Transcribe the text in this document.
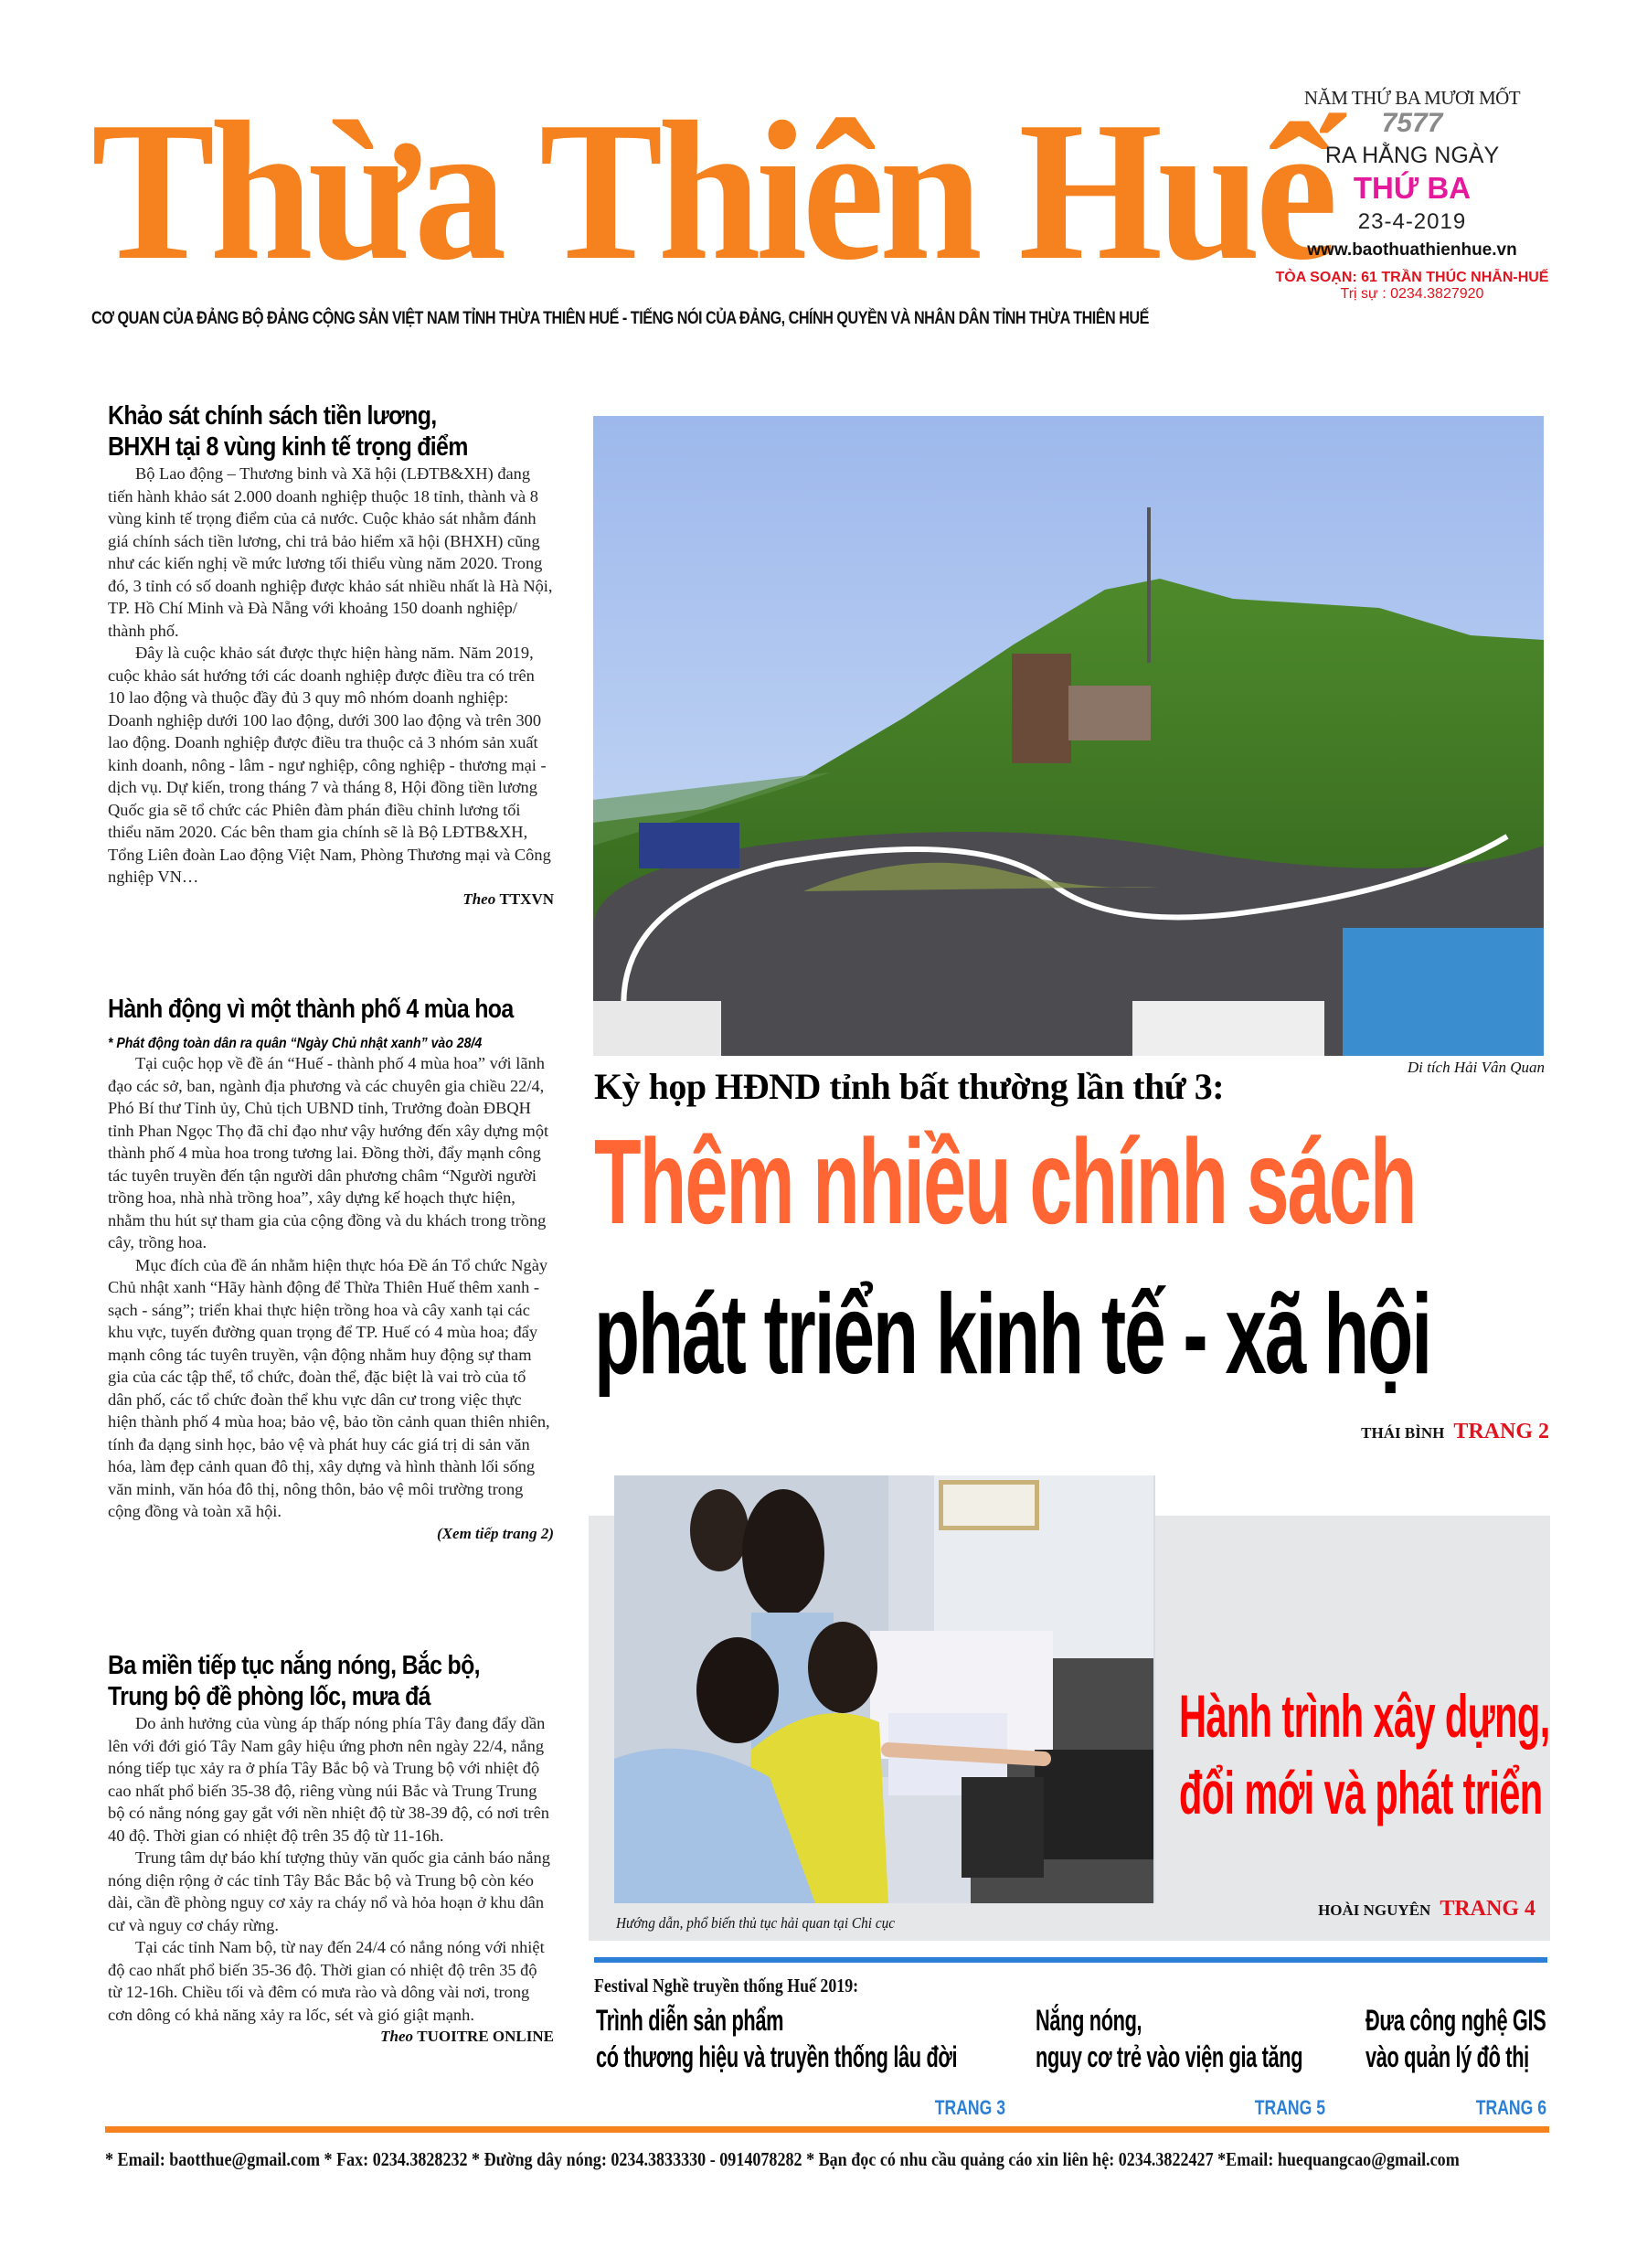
Thừa Thiên Huế
CƠ QUAN CỦA ĐẢNG BỘ ĐẢNG CỘNG SẢN VIỆT NAM TỈNH THỪA THIÊN HUẾ - TIẾNG NÓI CỦA ĐẢNG, CHÍNH QUYỀN VÀ NHÂN DÂN TỈNH THỪA THIÊN HUẾ
NĂM THỨ BA MƯƠI MỐT
7577
RA HẰNG NGÀY
THỨ BA
23-4-2019
www.baothuathienhue.vn
TÒA SOẠN: 61 TRẦN THÚC NHẪN-HUẾ
Trị sự : 0234.3827920
Khảo sát chính sách tiền lương,
BHXH tại 8 vùng kinh tế trọng điểm

Bộ Lao động – Thương binh và Xã hội (LĐTB&XH) đang tiến hành khảo sát 2.000 doanh nghiệp thuộc 18 tỉnh, thành và 8 vùng kinh tế trọng điểm của cả nước. Cuộc khảo sát nhằm đánh giá chính sách tiền lương, chi trả bảo hiểm xã hội (BHXH) cũng như các kiến nghị về mức lương tối thiểu vùng năm 2020. Trong đó, 3 tỉnh có số doanh nghiệp được khảo sát nhiều nhất là Hà Nội, TP. Hồ Chí Minh và Đà Nẵng với khoảng 150 doanh nghiệp/ thành phố.

Đây là cuộc khảo sát được thực hiện hàng năm. Năm 2019, cuộc khảo sát hướng tới các doanh nghiệp được điều tra có trên 10 lao động và thuộc đầy đủ 3 quy mô nhóm doanh nghiệp: Doanh nghiệp dưới 100 lao động, dưới 300 lao động và trên 300 lao động. Doanh nghiệp được điều tra thuộc cả 3 nhóm sản xuất kinh doanh, nông - lâm - ngư nghiệp, công nghiệp - thương mại - dịch vụ. Dự kiến, trong tháng 7 và tháng 8, Hội đồng tiền lương Quốc gia sẽ tổ chức các Phiên đàm phán điều chỉnh lương tối thiểu năm 2020. Các bên tham gia chính sẽ là Bộ LĐTB&XH, Tổng Liên đoàn Lao động Việt Nam, Phòng Thương mại và Công nghiệp VN…

Theo TTXVN
Hành động vì một thành phố 4 mùa hoa
* Phát động toàn dân ra quân “Ngày Chủ nhật xanh” vào 28/4

Tại cuộc họp về đề án “Huế - thành phố 4 mùa hoa” với lãnh đạo các sở, ban, ngành địa phương và các chuyên gia chiều 22/4, Phó Bí thư Tỉnh ủy, Chủ tịch UBND tỉnh, Trưởng đoàn ĐBQH tỉnh Phan Ngọc Thọ đã chỉ đạo như vậy hướng đến xây dựng một thành phố 4 mùa hoa trong tương lai. Đồng thời, đẩy mạnh công tác tuyên truyền đến tận người dân phương châm “Người người trồng hoa, nhà nhà trồng hoa”, xây dựng kế hoạch thực hiện, nhằm thu hút sự tham gia của cộng đồng và du khách trong trồng cây, trồng hoa.

Mục đích của đề án nhằm hiện thực hóa Đề án Tổ chức Ngày Chủ nhật xanh “Hãy hành động để Thừa Thiên Huế thêm xanh - sạch - sáng”; triển khai thực hiện trồng hoa và cây xanh tại các khu vực, tuyến đường quan trọng để TP. Huế có 4 mùa hoa; đẩy mạnh công tác tuyên truyền, vận động nhằm huy động sự tham gia của các tập thể, tổ chức, đoàn thể, đặc biệt là vai trò của tổ dân phố, các tổ chức đoàn thể khu vực dân cư trong việc thực hiện thành phố 4 mùa hoa; bảo vệ, bảo tồn cảnh quan thiên nhiên, tính đa dạng sinh học, bảo vệ và phát huy các giá trị di sản văn hóa, làm đẹp cảnh quan đô thị, xây dựng và hình thành lối sống văn minh, văn hóa đô thị, nông thôn, bảo vệ môi trường trong cộng đồng và toàn xã hội.

(Xem tiếp trang 2)
Ba miền tiếp tục nắng nóng, Bắc bộ,
Trung bộ đề phòng lốc, mưa đá

Do ảnh hưởng của vùng áp thấp nóng phía Tây đang đẩy dần lên với đới gió Tây Nam gây hiệu ứng phơn nên ngày 22/4, nắng nóng tiếp tục xảy ra ở phía Tây Bắc bộ và Trung bộ với nhiệt độ cao nhất phổ biến 35-38 độ, riêng vùng núi Bắc và Trung Trung bộ có nắng nóng gay gắt với nền nhiệt độ từ 38-39 độ, có nơi trên 40 độ. Thời gian có nhiệt độ trên 35 độ từ 11-16h.

Trung tâm dự báo khí tượng thủy văn quốc gia cảnh báo nắng nóng diện rộng ở các tỉnh Tây Bắc Bắc bộ và Trung bộ còn kéo dài, cần đề phòng nguy cơ xảy ra cháy nổ và hỏa hoạn ở khu dân cư và nguy cơ cháy rừng.

Tại các tỉnh Nam bộ, từ nay đến 24/4 có nắng nóng với nhiệt độ cao nhất phổ biến 35-36 độ. Thời gian có nhiệt độ trên 35 độ từ 12-16h. Chiều tối và đêm có mưa rào và dông vài nơi, trong cơn dông có khả năng xảy ra lốc, sét và gió giật mạnh.

Theo TUOITRE ONLINE
Di tích Hải Vân Quan
Kỳ họp HĐND tỉnh bất thường lần thứ 3:
Thêm nhiều chính sách
phát triển kinh tế - xã hội
THÁI BÌNH TRANG 2
Hướng dẫn, phổ biến thủ tục hải quan tại Chi cục
Hành trình xây dựng,
đổi mới và phát triển
HOÀI NGUYÊN TRANG 4
Festival Nghề truyền thống Huế 2019:
Trình diễn sản phẩm
có thương hiệu và truyền thống lâu đời
TRANG 3
Nắng nóng,
nguy cơ trẻ vào viện gia tăng
TRANG 5
Đưa công nghệ GIS
vào quản lý đô thị
TRANG 6
* Email: baotthue@gmail.com * Fax: 0234.3828232 * Đường dây nóng: 0234.3833330 - 0914078282 * Bạn đọc có nhu cầu quảng cáo xin liên hệ: 0234.3822427 *Email: huequangcao@gmail.com
